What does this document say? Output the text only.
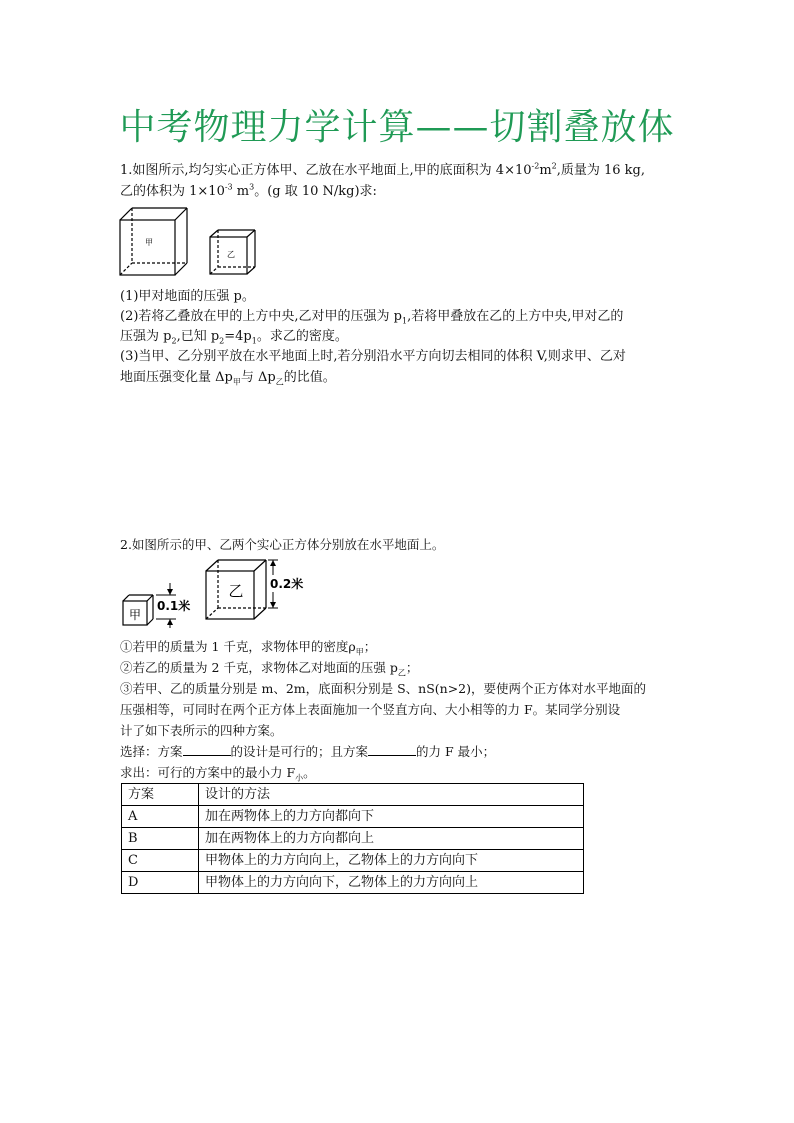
中考物理力学计算——切割叠放体
1.如图所示,均匀实心正方体甲、乙放在水平地面上,甲的底面积为 $4\times 10^{-2}m^2$,质量为 16 kg,
乙的体积为 $1\times 10^{-3}$ $m^3$。(g 取 10 N/kg)求:
甲
乙
(1)甲对地面的压强 p。
(2)若将乙叠放在甲的上方中央,乙对甲的压强为 $p_1$,若将甲叠放在乙的上方中央,甲对乙的
压强为 $p_2$,已知 $p_2=4p_1$。求乙的密度。
(3)当甲、乙分别平放在水平地面上时,若分别沿水平方向切去相同的体积 V,则求甲、乙对
地面压强变化量 $\Delta p_甲$与 $\Delta p_乙$的比值。
2.如图所示的甲、乙两个实心正方体分别放在水平地面上。
甲
0.1米
乙 0.2米
①若甲的质量为 1 千克，求物体甲的密度$\rho_甲$；
②若乙的质量为 2 千克，求物体乙对地面的压强 $p_乙$；
③若甲、乙的质量分别是 m、2m，底面积分别是 S、nS(n>2)，要使两个正方体对水平地面的
压强相等，可同时在两个正方体上表面施加一个竖直方向、大小相等的力 F。某同学分别设
计了如下表所示的四种方案。
选择：方案	的设计是可行的；且方案	的力 F 最小；
求出：可行的方案中的最小力 $F_小$。
方案	设计的方法
A	加在两物体上的力方向都向下
B	加在两物体上的力方向都向上
C	甲物体上的力方向向上，乙物体上的力方向向下
D	甲物体上的力方向向下，乙物体上的力方向向上
